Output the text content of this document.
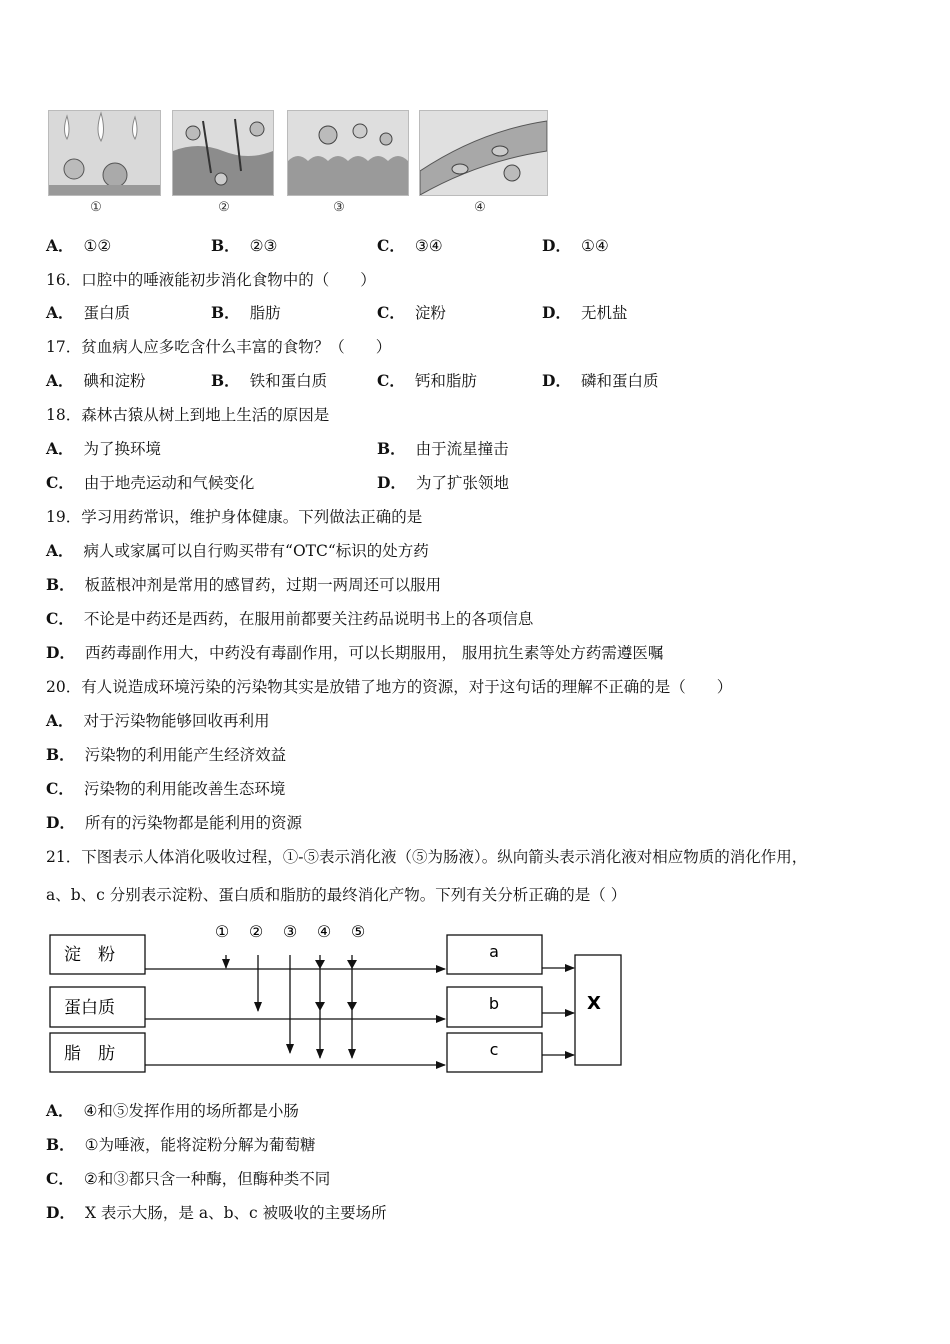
①	②	③	④
A． ①②	B． ②③	C． ③④	D． ①④
16．口腔中的唾液能初步消化食物中的（　　）
A． 蛋白质	B． 脂肪	C． 淀粉	D． 无机盐
17．贫血病人应多吃含什么丰富的食物？（　　）
A． 碘和淀粉	B． 铁和蛋白质	C． 钙和脂肪	D． 磷和蛋白质
18．森林古猿从树上到地上生活的原因是
A． 为了换环境	B． 由于流星撞击
C． 由于地壳运动和气候变化	D． 为了扩张领地
19．学习用药常识，维护身体健康。下列做法正确的是
A． 病人或家属可以自行购买带有“OTC“标识的处方药
B． 板蓝根冲剂是常用的感冒药，过期一两周还可以服用
C． 不论是中药还是西药，在服用前都要关注药品说明书上的各项信息
D． 西药毒副作用大，中药没有毒副作用，可以长期服用， 服用抗生素等处方药需遵医嘱
20．有人说造成环境污染的污染物其实是放错了地方的资源，对于这句话的理解不正确的是（　　）
A． 对于污染物能够回收再利用
B． 污染物的利用能产生经济效益
C． 污染物的利用能改善生态环境
D． 所有的污染物都是能利用的资源
21．下图表示人体消化吸收过程，①-⑤表示消化液（⑤为肠液）。纵向箭头表示消化液对相应物质的消化作用，
a、b、c 分别表示淀粉、蛋白质和脂肪的最终消化产物。下列有关分析正确的是（ ）
淀　粉
蛋白质
脂　肪
① ② ③ ④ ⑤
a
b
c
X
A． ④和⑤发挥作用的场所都是小肠
B． ①为唾液，能将淀粉分解为葡萄糖
C． ②和③都只含一种酶，但酶种类不同
D． X 表示大肠，是 a、b、c 被吸收的主要场所
